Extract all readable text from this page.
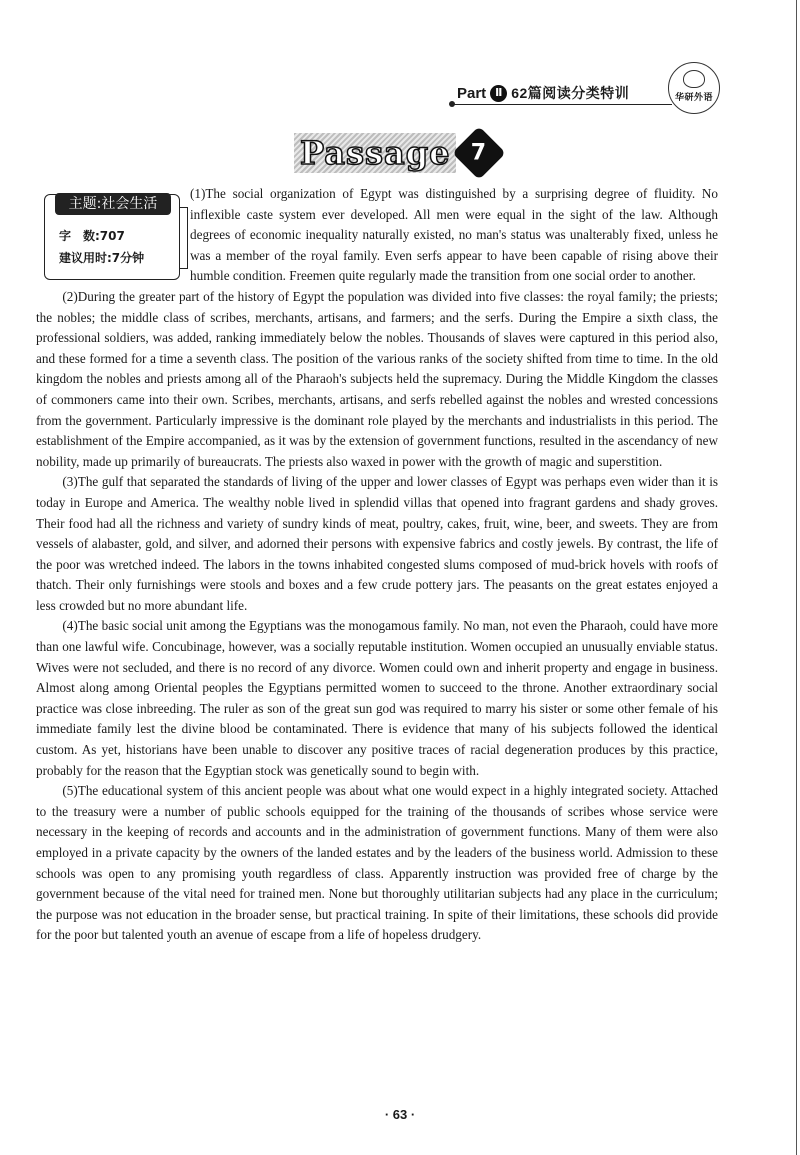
Part Ⅱ 62篇阅读分类特训	华研外语
Passage 7
主题:社会生活
字　数:707
建议用时:7分钟

(1)The social organization of Egypt was distinguished by a surprising degree of fluidity. No inflexible caste system ever developed. All men were equal in the sight of the law. Although degrees of economic inequality naturally existed, no man's status was unalterably fixed, unless he was a member of the royal family. Even serfs appear to have been capable of rising above their humble condition. Freemen quite regularly made the transition from one social order to another.

(2)During the greater part of the history of Egypt the population was divided into five classes: the royal family; the priests; the nobles; the middle class of scribes, merchants, artisans, and farmers; and the serfs. During the Empire a sixth class, the professional soldiers, was added, ranking immediately below the nobles. Thousands of slaves were captured in this period also, and these formed for a time a seventh class. The position of the various ranks of the society shifted from time to time. In the old kingdom the nobles and priests among all of the Pharaoh's subjects held the supremacy. During the Middle Kingdom the classes of commoners came into their own. Scribes, merchants, artisans, and serfs rebelled against the nobles and wrested concessions from the government. Particularly impressive is the dominant role played by the merchants and industrialists in this period. The establishment of the Empire accompanied, as it was by the extension of government functions, resulted in the ascendancy of new nobility, made up primarily of bureaucrats. The priests also waxed in power with the growth of magic and superstition.

(3)The gulf that separated the standards of living of the upper and lower classes of Egypt was perhaps even wider than it is today in Europe and America. The wealthy noble lived in splendid villas that opened into fragrant gardens and shady groves. Their food had all the richness and variety of sundry kinds of meat, poultry, cakes, fruit, wine, beer, and sweets. They are from vessels of alabaster, gold, and silver, and adorned their persons with expensive fabrics and costly jewels. By contrast, the life of the poor was wretched indeed. The labors in the towns inhabited congested slums composed of mud-brick hovels with roofs of thatch. Their only furnishings were stools and boxes and a few crude pottery jars. The peasants on the great estates enjoyed a less crowded but no more abundant life.

(4)The basic social unit among the Egyptians was the monogamous family. No man, not even the Pharaoh, could have more than one lawful wife. Concubinage, however, was a socially reputable institution. Women occupied an unusually enviable status. Wives were not secluded, and there is no record of any divorce. Women could own and inherit property and engage in business. Almost along among Oriental peoples the Egyptians permitted women to succeed to the throne. Another extraordinary social practice was close inbreeding. The ruler as son of the great sun god was required to marry his sister or some other female of his immediate family lest the divine blood be contaminated. There is evidence that many of his subjects followed the identical custom. As yet, historians have been unable to discover any positive traces of racial degeneration produces by this practice, probably for the reason that the Egyptian stock was genetically sound to begin with.

(5)The educational system of this ancient people was about what one would expect in a highly integrated society. Attached to the treasury were a number of public schools equipped for the training of the thousands of scribes whose service were necessary in the keeping of records and accounts and in the administration of government functions. Many of them were also employed in a private capacity by the owners of the landed estates and by the leaders of the business world. Admission to these schools was open to any promising youth regardless of class. Apparently instruction was provided free of charge by the government because of the vital need for trained men. None but thoroughly utilitarian subjects had any place in the curriculum; the purpose was not education in the broader sense, but practical training. In spite of their limitations, these schools did provide for the poor but talented youth an avenue of escape from a life of hopeless drudgery.

· 63 ·
